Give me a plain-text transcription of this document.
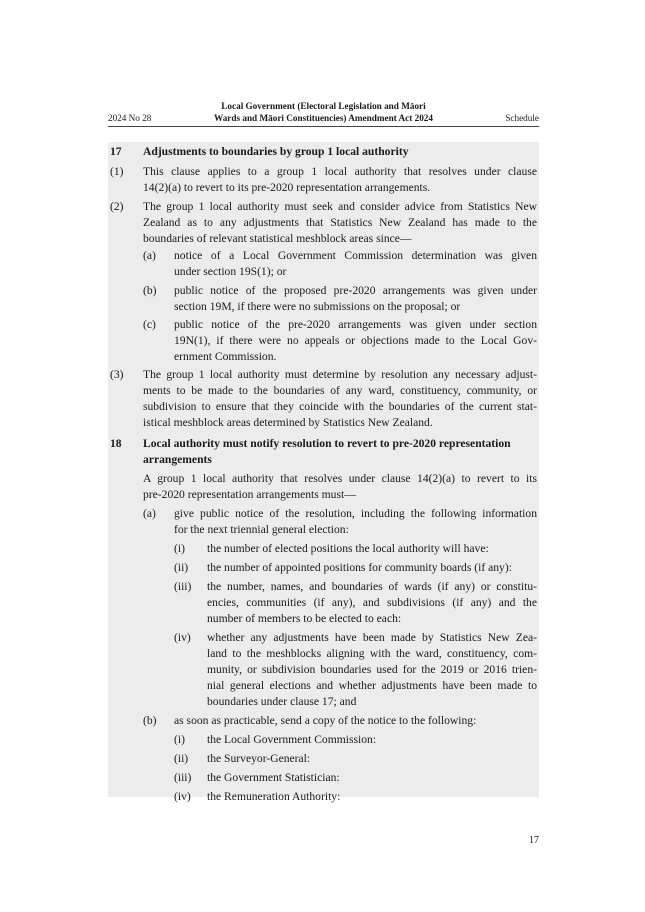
2024 No 28
Local Government (Electoral Legislation and Māori
Wards and Māori Constituencies) Amendment Act 2024	Schedule
17 Adjustments to boundaries by group 1 local authority
(1) This clause applies to a group 1 local authority that resolves under clause
14(2)(a) to revert to its pre-2020 representation arrangements.
(2) The group 1 local authority must seek and consider advice from Statistics New
Zealand as to any adjustments that Statistics New Zealand has made to the
boundaries of relevant statistical meshblock areas since—
(a) notice of a Local Government Commission determination was given
under section 19S(1); or
(b) public notice of the proposed pre-2020 arrangements was given under
section 19M, if there were no submissions on the proposal; or
(c) public notice of the pre-2020 arrangements was given under section
19N(1), if there were no appeals or objections made to the Local Gov-
ernment Commission.
(3) The group 1 local authority must determine by resolution any necessary adjust-
ments to be made to the boundaries of any ward, constituency, community, or
subdivision to ensure that they coincide with the boundaries of the current stat-
istical meshblock areas determined by Statistics New Zealand.
18 Local authority must notify resolution to revert to pre-2020 representation
arrangements
A group 1 local authority that resolves under clause 14(2)(a) to revert to its
pre-2020 representation arrangements must—
(a) give public notice of the resolution, including the following information
for the next triennial general election:
(i) the number of elected positions the local authority will have:
(ii) the number of appointed positions for community boards (if any):
(iii) the number, names, and boundaries of wards (if any) or constitu-
encies, communities (if any), and subdivisions (if any) and the
number of members to be elected to each:
(iv) whether any adjustments have been made by Statistics New Zea-
land to the meshblocks aligning with the ward, constituency, com-
munity, or subdivision boundaries used for the 2019 or 2016 trien-
nial general elections and whether adjustments have been made to
boundaries under clause 17; and
(b) as soon as practicable, send a copy of the notice to the following:
(i) the Local Government Commission:
(ii) the Surveyor-General:
(iii) the Government Statistician:
(iv) the Remuneration Authority:
17
